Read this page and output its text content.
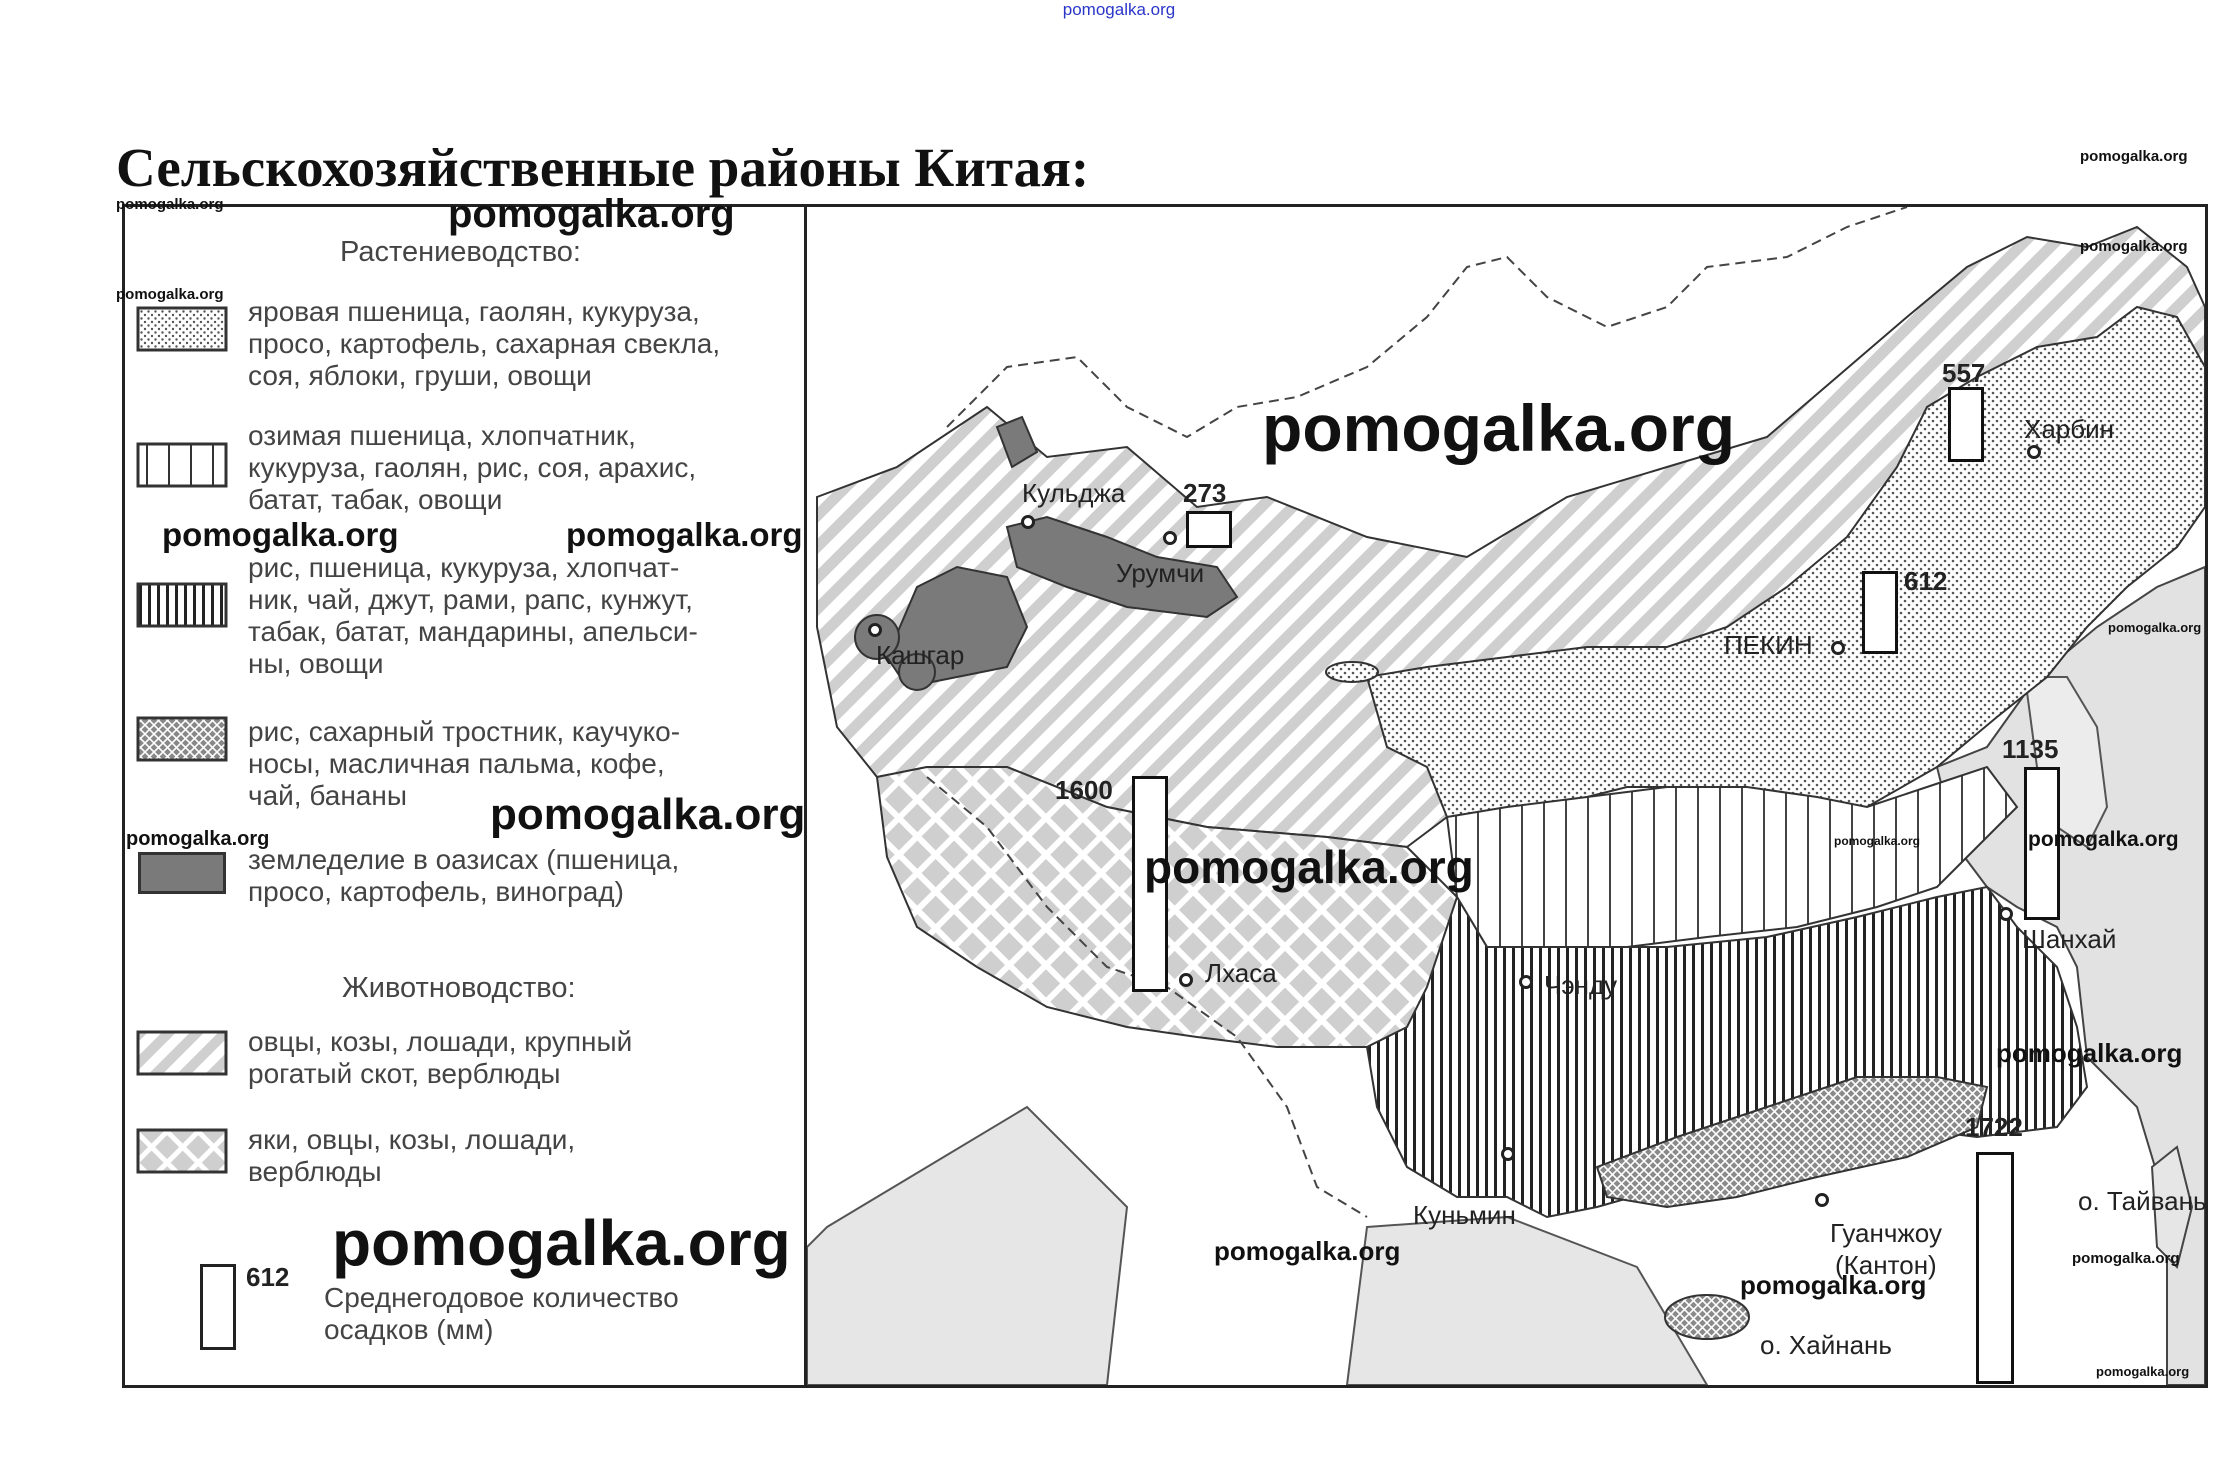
pomogalka.org
Сельскохозяйственные районы Китая:
273
557
612
1135
1600
1722
Кульджа
Урумчи
Кашгар
Лхаса
Харбин
ПЕКИН
Шанхай
Чэнду
Куньмин
Гуанчжоу
(Кантон)
о. Тайвань
о. Хайнань
Растениеводство:
яровая пшеница, гаолян, кукуруза,
просо, картофель, сахарная свекла,
соя, яблоки, груши, овощи
озимая пшеница, хлопчатник,
кукуруза, гаолян, рис, соя, арахис,
батат, табак, овощи
рис, пшеница, кукуруза, хлопчат-
ник, чай, джут, рами, рапс, кунжут,
табак, батат, мандарины, апельси-
ны, овощи
рис, сахарный тростник, каучуко-
носы, масличная пальма, кофе,
чай, бананы
земледелие в оазисах (пшеница,
просо, картофель, виноград)
Животноводство:
овцы, козы, лошади, крупный
рогатый скот, верблюды
яки, овцы, козы, лошади,
верблюды
612
Среднегодовое количество
осадков (мм)
pomogalka.org
pomogalka.org
pomogalka.org	pomogalka.org
pomogalka.org
pomogalka.org
pomogalka.org
pomogalka.org
pomogalka.org
pomogalka.org
pomogalka.org
pomogalka.org
pomogalka.org
pomogalka.org
pomogalka.org
pomogalka.org
pomogalka.org	pomogalka.org
pomogalka.org
pomogalka.org
